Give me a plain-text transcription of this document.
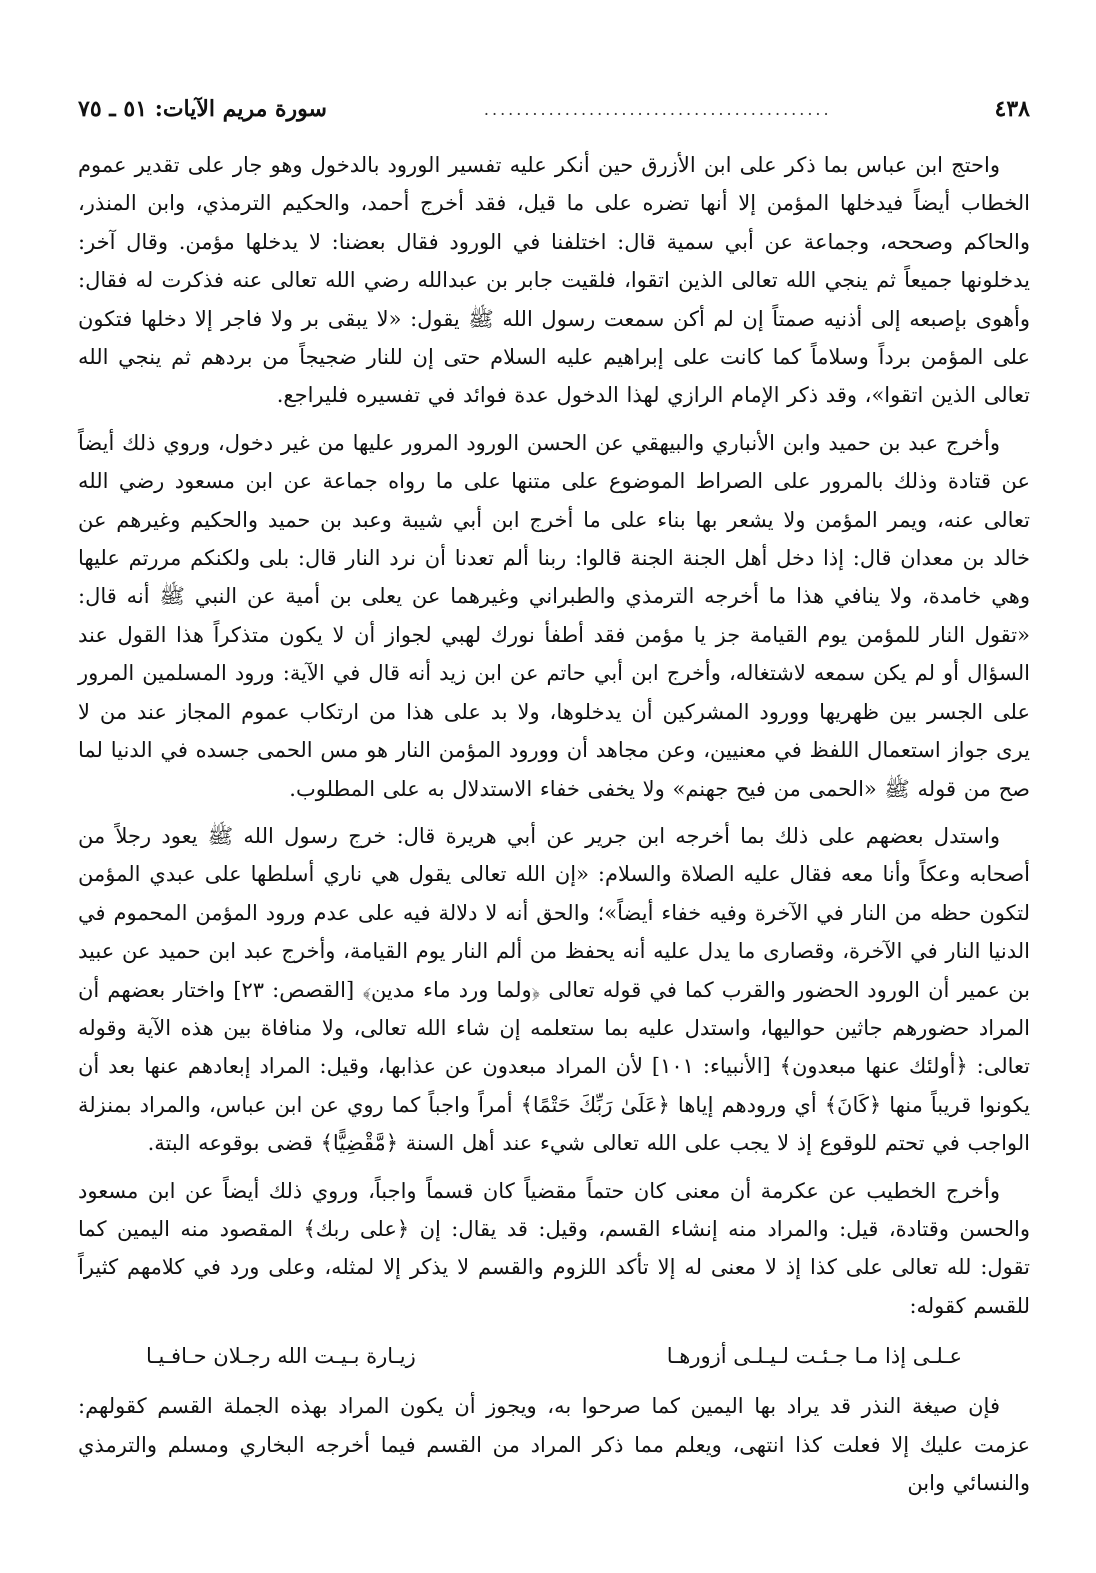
٤٣٨
...........................................
سورة مريم الآيات: ٥١ ـ ٧٥

واحتج ابن عباس بما ذكر على ابن الأزرق حين أنكر عليه تفسير الورود بالدخول وهو جار على تقدير عموم الخطاب أيضاً فيدخلها المؤمن إلا أنها تضره على ما قيل، فقد أخرج أحمد، والحكيم الترمذي، وابن المنذر، والحاكم وصححه، وجماعة عن أبي سمية قال: اختلفنا في الورود فقال بعضنا: لا يدخلها مؤمن. وقال آخر: يدخلونها جميعاً ثم ينجي الله تعالى الذين اتقوا، فلقيت جابر بن عبدالله رضي الله تعالى عنه فذكرت له فقال: وأهوى بإصبعه إلى أذنيه صمتاً إن لم أكن سمعت رسول الله ﷺ يقول: «لا يبقى بر ولا فاجر إلا دخلها فتكون على المؤمن برداً وسلاماً كما كانت على إبراهيم عليه السلام حتى إن للنار ضجيجاً من بردهم ثم ينجي الله تعالى الذين اتقوا»، وقد ذكر الإمام الرازي لهذا الدخول عدة فوائد في تفسيره فليراجع.

وأخرج عبد بن حميد وابن الأنباري والبيهقي عن الحسن الورود المرور عليها من غير دخول، وروي ذلك أيضاً عن قتادة وذلك بالمرور على الصراط الموضوع على متنها على ما رواه جماعة عن ابن مسعود رضي الله تعالى عنه، ويمر المؤمن ولا يشعر بها بناء على ما أخرج ابن أبي شيبة وعبد بن حميد والحكيم وغيرهم عن خالد بن معدان قال: إذا دخل أهل الجنة الجنة قالوا: ربنا ألم تعدنا أن نرد النار قال: بلى ولكنكم مررتم عليها وهي خامدة، ولا ينافي هذا ما أخرجه الترمذي والطبراني وغيرهما عن يعلى بن أمية عن النبي ﷺ أنه قال: «تقول النار للمؤمن يوم القيامة جز يا مؤمن فقد أطفأ نورك لهبي لجواز أن لا يكون متذكراً هذا القول عند السؤال أو لم يكن سمعه لاشتغاله، وأخرج ابن أبي حاتم عن ابن زيد أنه قال في الآية: ورود المسلمين المرور على الجسر بين ظهريها وورود المشركين أن يدخلوها، ولا بد على هذا من ارتكاب عموم المجاز عند من لا يرى جواز استعمال اللفظ في معنيين، وعن مجاهد أن وورود المؤمن النار هو مس الحمى جسده في الدنيا لما صح من قوله ﷺ «الحمى من فيح جهنم» ولا يخفى خفاء الاستدلال به على المطلوب.

واستدل بعضهم على ذلك بما أخرجه ابن جرير عن أبي هريرة قال: خرج رسول الله ﷺ يعود رجلاً من أصحابه وعكاً وأنا معه فقال عليه الصلاة والسلام: «إن الله تعالى يقول هي ناري أسلطها على عبدي المؤمن لتكون حظه من النار في الآخرة وفيه خفاء أيضاً»؛ والحق أنه لا دلالة فيه على عدم ورود المؤمن المحموم في الدنيا النار في الآخرة، وقصارى ما يدل عليه أنه يحفظ من ألم النار يوم القيامة، وأخرج عبد ابن حميد عن عبيد بن عمير أن الورود الحضور والقرب كما في قوله تعالى ﴿ولما ورد ماء مدين﴾ [القصص: ٢٣] واختار بعضهم أن المراد حضورهم جاثين حواليها، واستدل عليه بما ستعلمه إن شاء الله تعالى، ولا منافاة بين هذه الآية وقوله تعالى: ﴿أولئك عنها مبعدون﴾ [الأنبياء: ١٠١] لأن المراد مبعدون عن عذابها، وقيل: المراد إبعادهم عنها بعد أن يكونوا قريباً منها ﴿كَانَ﴾ أي ورودهم إياها ﴿عَلَىٰ رَبِّكَ حَتْمًا﴾ أمراً واجباً كما روي عن ابن عباس، والمراد بمنزلة الواجب في تحتم للوقوع إذ لا يجب على الله تعالى شيء عند أهل السنة ﴿مَّقْضِيًّا﴾ قضى بوقوعه البتة.

وأخرج الخطيب عن عكرمة أن معنى كان حتماً مقضياً كان قسماً واجباً، وروي ذلك أيضاً عن ابن مسعود والحسن وقتادة، قيل: والمراد منه إنشاء القسم، وقيل: قد يقال: إن ﴿على ربك﴾ المقصود منه اليمين كما تقول: لله تعالى على كذا إذ لا معنى له إلا تأكد اللزوم والقسم لا يذكر إلا لمثله، وعلى ورد في كلامهم كثيراً للقسم كقوله:

عـلـى إذا مـا جـئـت لـيـلـى أزورهـا
زيـارة بـيـت الله رجـلان حـافـيـا

فإن صيغة النذر قد يراد بها اليمين كما صرحوا به، ويجوز أن يكون المراد بهذه الجملة القسم كقولهم: عزمت عليك إلا فعلت كذا انتهى، ويعلم مما ذكر المراد من القسم فيما أخرجه البخاري ومسلم والترمذي والنسائي وابن
